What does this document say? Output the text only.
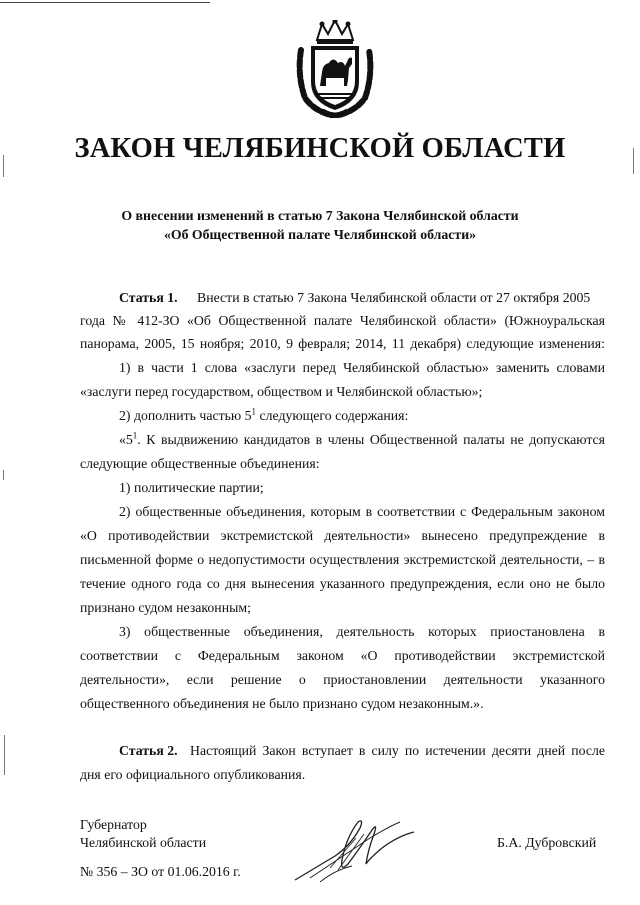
ЗАКОН ЧЕЛЯБИНСКОЙ ОБЛАСТИ
О внесении изменений в статью 7 Закона Челябинской области
«Об Общественной палате Челябинской области»
Статья 1. Внести в статью 7 Закона Челябинской области от 27 октября 2005
года № 412-ЗО «Об Общественной палате Челябинской области» (Южноуральская
панорама, 2005, 15 ноября; 2010, 9 февраля; 2014, 11 декабря) следующие изменения:
1) в части 1 слова «заслуги перед Челябинской областью» заменить словами
«заслуги перед государством, обществом и Челябинской областью»;
2) дополнить частью $5^1$ следующего содержания:
«$5^1$ . К выдвижению кандидатов в члены Общественной палаты не допускаются
следующие общественные объединения:
1) политические партии;
2) общественные объединения, которым в соответствии с Федеральным законом
«О противодействии экстремистской деятельности» вынесено предупреждение в
письменной форме о недопустимости осуществления экстремистской деятельности, – в
течение одного года со дня вынесения указанного предупреждения, если оно не было
признано судом незаконным;
3) общественные объединения, деятельность которых приостановлена в
соответствии с Федеральным законом «О противодействии экстремистской
деятельности», если решение о приостановлении деятельности указанного
общественного объединения не было признано судом незаконным.».
Статья 2. Настоящий Закон вступает в силу по истечении десяти дней после
дня его официального опубликования.
Губернатор
Челябинской области	Б.А. Дубровский
№ 356 – ЗО от 01.06.2016 г.
